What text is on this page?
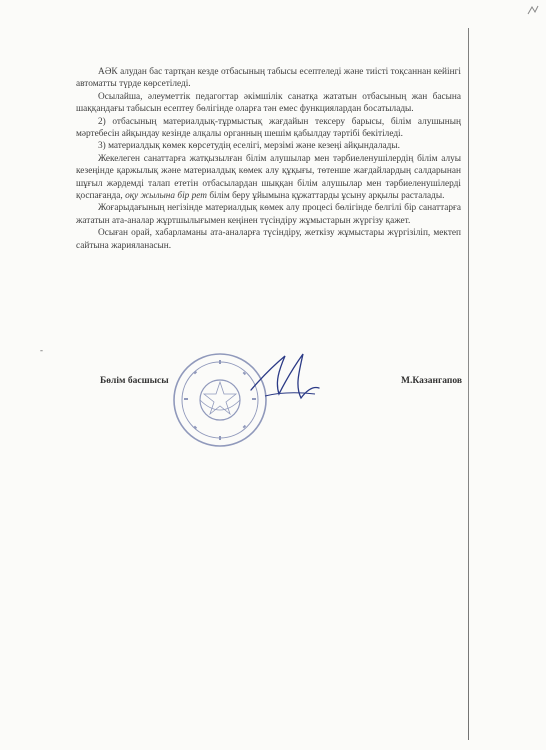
АӘК алудан бас тартқан кезде отбасының табысы есептеледі және тиісті тоқсаннан кейінгі автоматты түрде көрсетіледі.

Осылайша, әлеуметтік педагогтар әкімшілік санатқа жататын отбасының жан басына шаққандағы табысын есептеу бөлігінде оларға тән емес функциялардан босатылады.

2) отбасының материалдық-тұрмыстық жағдайын тексеру барысы, білім алушының мәртебесін айқындау кезінде алқалы органның шешім қабылдау тәртібі бекітіледі.

3) материалдық көмек көрсетудің еселігі, мерзімі және кезеңі айқындалады.

Жекелеген санаттарға жатқызылған білім алушылар мен тәрбиеленушілердің білім алуы кезеңінде қаржылық және материалдық көмек алу құқығы, төтенше жағдайлардың салдарынан шұғыл жәрдемді талап ететін отбасылардан шыққан білім алушылар мен тәрбиеленушілерді қоспағанда, оқу жылына бір рет білім беру ұйымына құжаттарды ұсыну арқылы расталады.

Жоғарыдағының негізінде материалдық көмек алу процесі бөлігінде белгілі бір санаттарға жататын ата-аналар жұртшылығымен кеңінен түсіндіру жұмыстарын жүргізу қажет.

Осыған орай, хабарламаны ата-аналарға түсіндіру, жеткізу жұмыстары жүргізіліп, мектеп сайтына жарияланасын.

-
Бөлім басшысы	М.Казангапов
